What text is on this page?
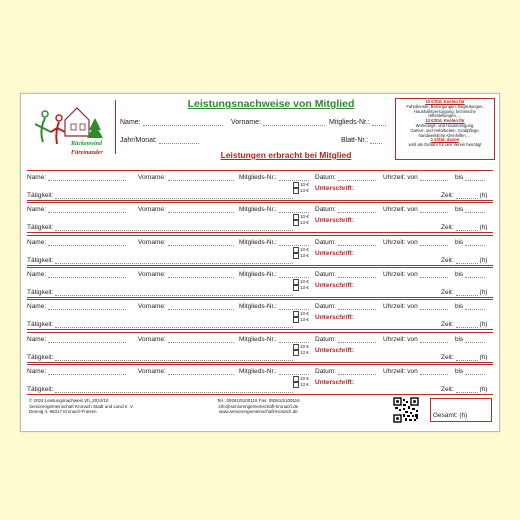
Rückenwind
Füreinander
Leistungsnachweise von Mitglied
Name:	Vorname:	Mitglieds-Nr.:
Jahr/Monat:	Blatt-Nr.:
Leistungen erbracht bei Mitglied
10 €/Std. Kosten für
Fahrdienste, Besorgungen, Begleitungen,
Haushaltsversorgung, technische
Hilfestellungen, ...
13 €/Std. Kosten für
Wohnungs- und Hausreinigung,
Garten- und Hofarbeiten, Grabpflege,
handwerkliche Kleinhilfen, ...
1 €/Std. davon
wird als Gebühr für den Verein benötigt
Name:	Vorname:	Mitglieds-Nr.:	Datum:	Uhrzeit: von	bis
10 €
13 € Unterschrift:
Tätigkeit:	Zeit:	(h)
Name:	Vorname:	Mitglieds-Nr.:	Datum:	Uhrzeit: von	bis
10 €
13 € Unterschrift:
Tätigkeit:	Zeit:	(h)
Name:	Vorname:	Mitglieds-Nr.:	Datum:	Uhrzeit: von	bis
10 €
13 € Unterschrift:
Tätigkeit:	Zeit:	(h)
Name:	Vorname:	Mitglieds-Nr.:	Datum:	Uhrzeit: von	bis
10 €
13 € Unterschrift:
Tätigkeit:	Zeit:	(h)
Name:	Vorname:	Mitglieds-Nr.:	Datum:	Uhrzeit: von	bis
10 €
13 € Unterschrift:
Tätigkeit:	Zeit:	(h)
Name:	Vorname:	Mitglieds-Nr.:	Datum:	Uhrzeit: von	bis
10 €
13 € Unterschrift:
Tätigkeit:	Zeit:	(h)
Name:	Vorname:	Mitglieds-Nr.:	Datum:	Uhrzeit: von	bis
10 €
13 € Unterschrift:
Tätigkeit:	Zeit:	(h)
© 2024 Leistungsnachweis Vb_2024/10
Seniorengemeinschaft Kronach Stadt und Land e. V.
Dennig 4, 96317 Kronach-Friesen
Tel.: 09261/5100115 Fax: 09261/5100116
info@seniorengemeinschaft-kronach.de
www.seniorengemeinschaft-kronach.de	Gesamt: (h)
